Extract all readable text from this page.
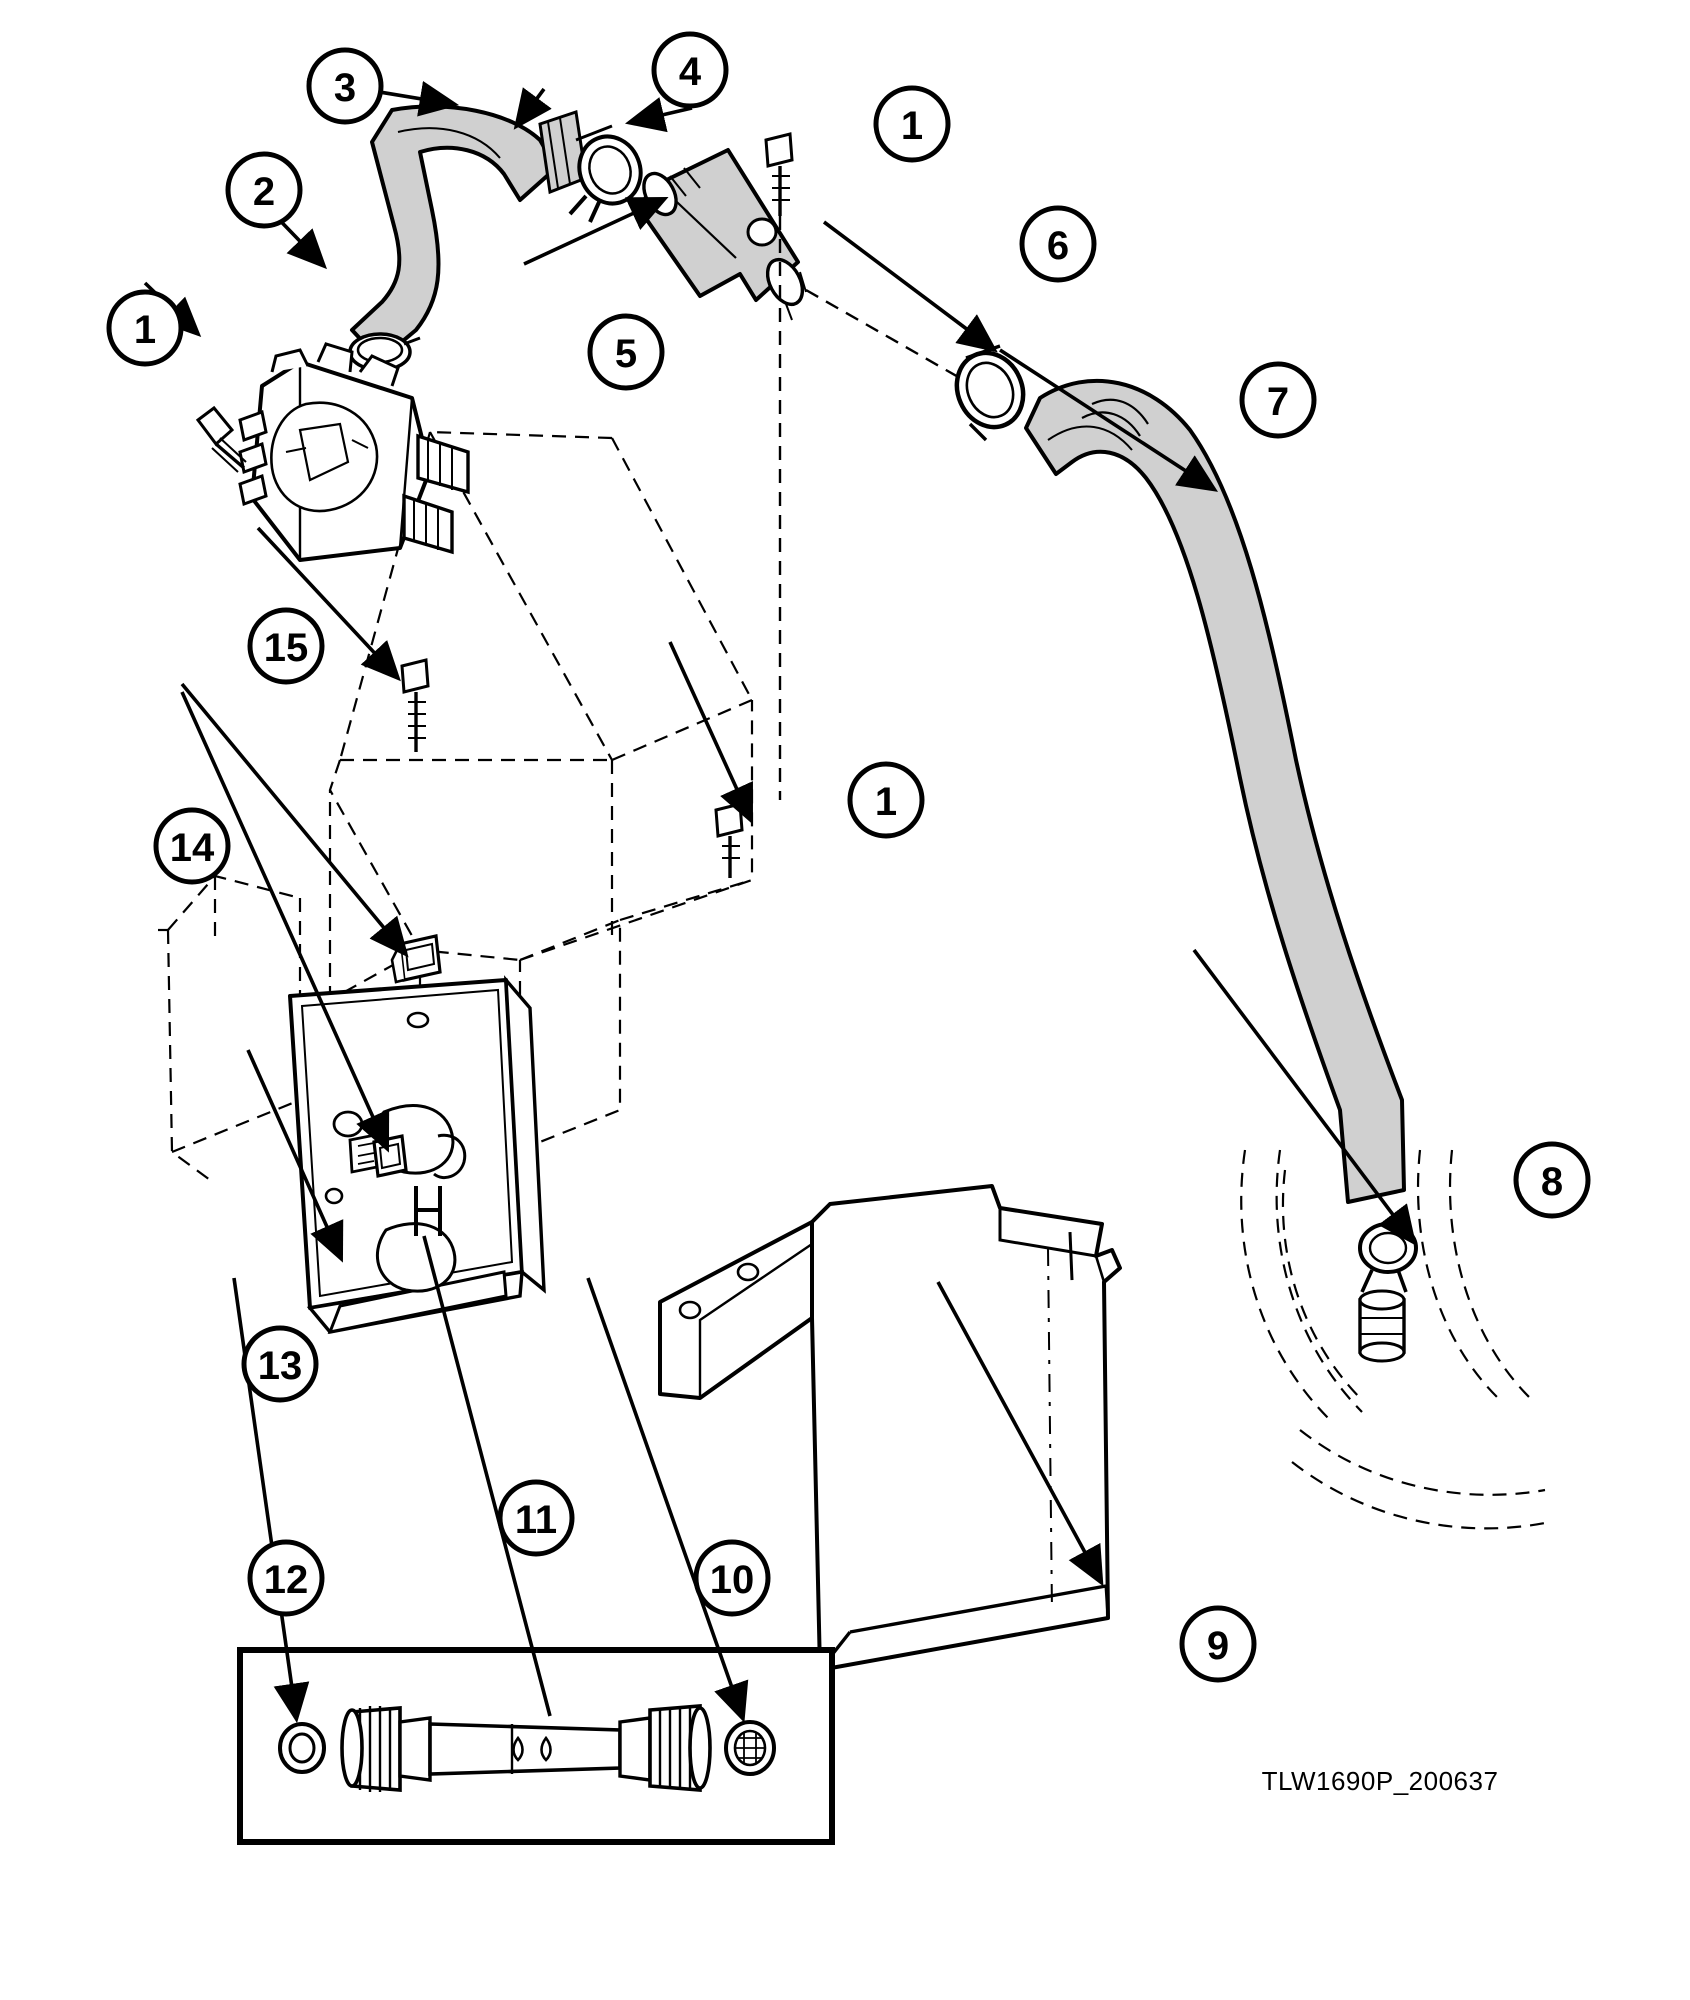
1
2
3	4
1
5
6
7
15
1
14
13
8
9
11
12	10
TLW1690P_200637
